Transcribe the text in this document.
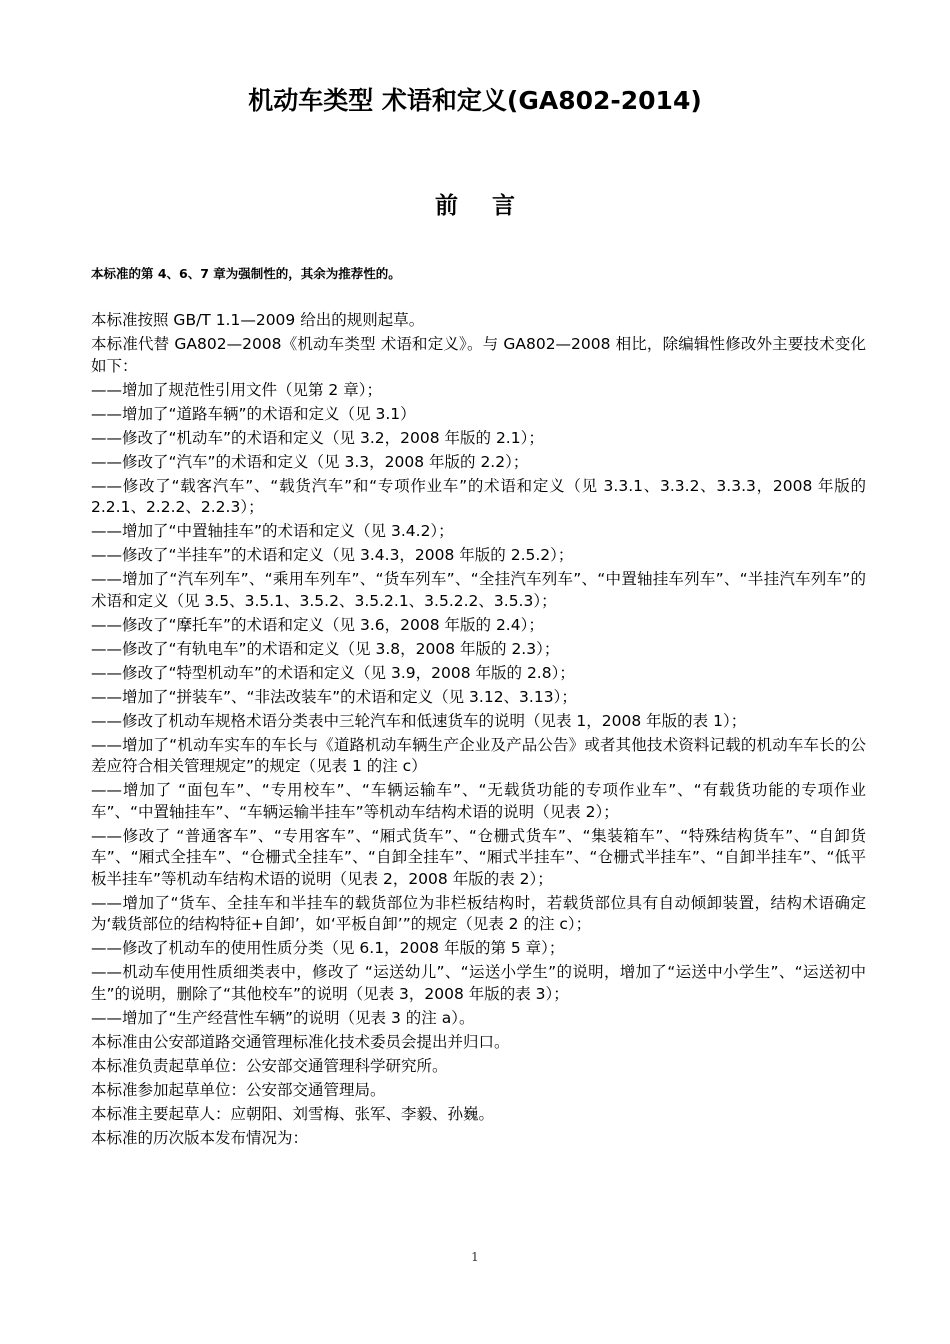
机动车类型 术语和定义(GA802-2014)
前言
本标准的第 4、6、7 章为强制性的，其余为推荐性的。

本标准按照 GB/T 1.1—2009 给出的规则起草。

本标准代替 GA802—2008《机动车类型 术语和定义》。与 GA802—2008 相比，除编辑性修改外主要技术变化如下：

——增加了规范性引用文件（见第 2 章）；

——增加了“道路车辆”的术语和定义（见 3.1）

——修改了“机动车”的术语和定义（见 3.2，2008 年版的 2.1）；

——修改了“汽车”的术语和定义（见 3.3，2008 年版的 2.2）；

——修改了“载客汽车”、“载货汽车”和“专项作业车”的术语和定义（见 3.3.1、3.3.2、3.3.3，2008 年版的 2.2.1、2.2.2、2.2.3）；

——增加了“中置轴挂车”的术语和定义（见 3.4.2）；

——修改了“半挂车”的术语和定义（见 3.4.3，2008 年版的 2.5.2）；

——增加了“汽车列车”、“乘用车列车”、“货车列车”、“全挂汽车列车”、“中置轴挂车列车”、“半挂汽车列车”的术语和定义（见 3.5、3.5.1、3.5.2、3.5.2.1、3.5.2.2、3.5.3）；

——修改了“摩托车”的术语和定义（见 3.6，2008 年版的 2.4）；

——修改了“有轨电车”的术语和定义（见 3.8，2008 年版的 2.3）；

——修改了“特型机动车”的术语和定义（见 3.9，2008 年版的 2.8）；

——增加了“拼装车”、“非法改装车”的术语和定义（见 3.12、3.13）；

——修改了机动车规格术语分类表中三轮汽车和低速货车的说明（见表 1，2008 年版的表 1）；

——增加了“机动车实车的车长与《道路机动车辆生产企业及产品公告》或者其他技术资料记载的机动车车长的公差应符合相关管理规定”的规定（见表 1 的注 c）

——增加了 “面包车”、“专用校车”、“车辆运输车”、“无载货功能的专项作业车”、“有载货功能的专项作业车”、“中置轴挂车”、“车辆运输半挂车”等机动车结构术语的说明（见表 2）；

——修改了 “普通客车”、“专用客车”、“厢式货车”、“仓栅式货车”、“集装箱车”、“特殊结构货车”、“自卸货车”、“厢式全挂车”、“仓栅式全挂车”、“自卸全挂车”、“厢式半挂车”、“仓栅式半挂车”、“自卸半挂车”、“低平板半挂车”等机动车结构术语的说明（见表 2，2008 年版的表 2）；

——增加了“货车、全挂车和半挂车的载货部位为非栏板结构时，若载货部位具有自动倾卸装置，结构术语确定为‘载货部位的结构特征+自卸’，如‘平板自卸’”的规定（见表 2 的注 c）；

——修改了机动车的使用性质分类（见 6.1，2008 年版的第 5 章）；

——机动车使用性质细类表中，修改了 “运送幼儿”、“运送小学生”的说明，增加了“运送中小学生”、“运送初中生”的说明，删除了“其他校车”的说明（见表 3，2008 年版的表 3）；

——增加了“生产经营性车辆”的说明（见表 3 的注 a）。

本标准由公安部道路交通管理标准化技术委员会提出并归口。

本标准负责起草单位：公安部交通管理科学研究所。

本标准参加起草单位：公安部交通管理局。

本标准主要起草人：应朝阳、刘雪梅、张军、李毅、孙巍。

本标准的历次版本发布情况为：

1
